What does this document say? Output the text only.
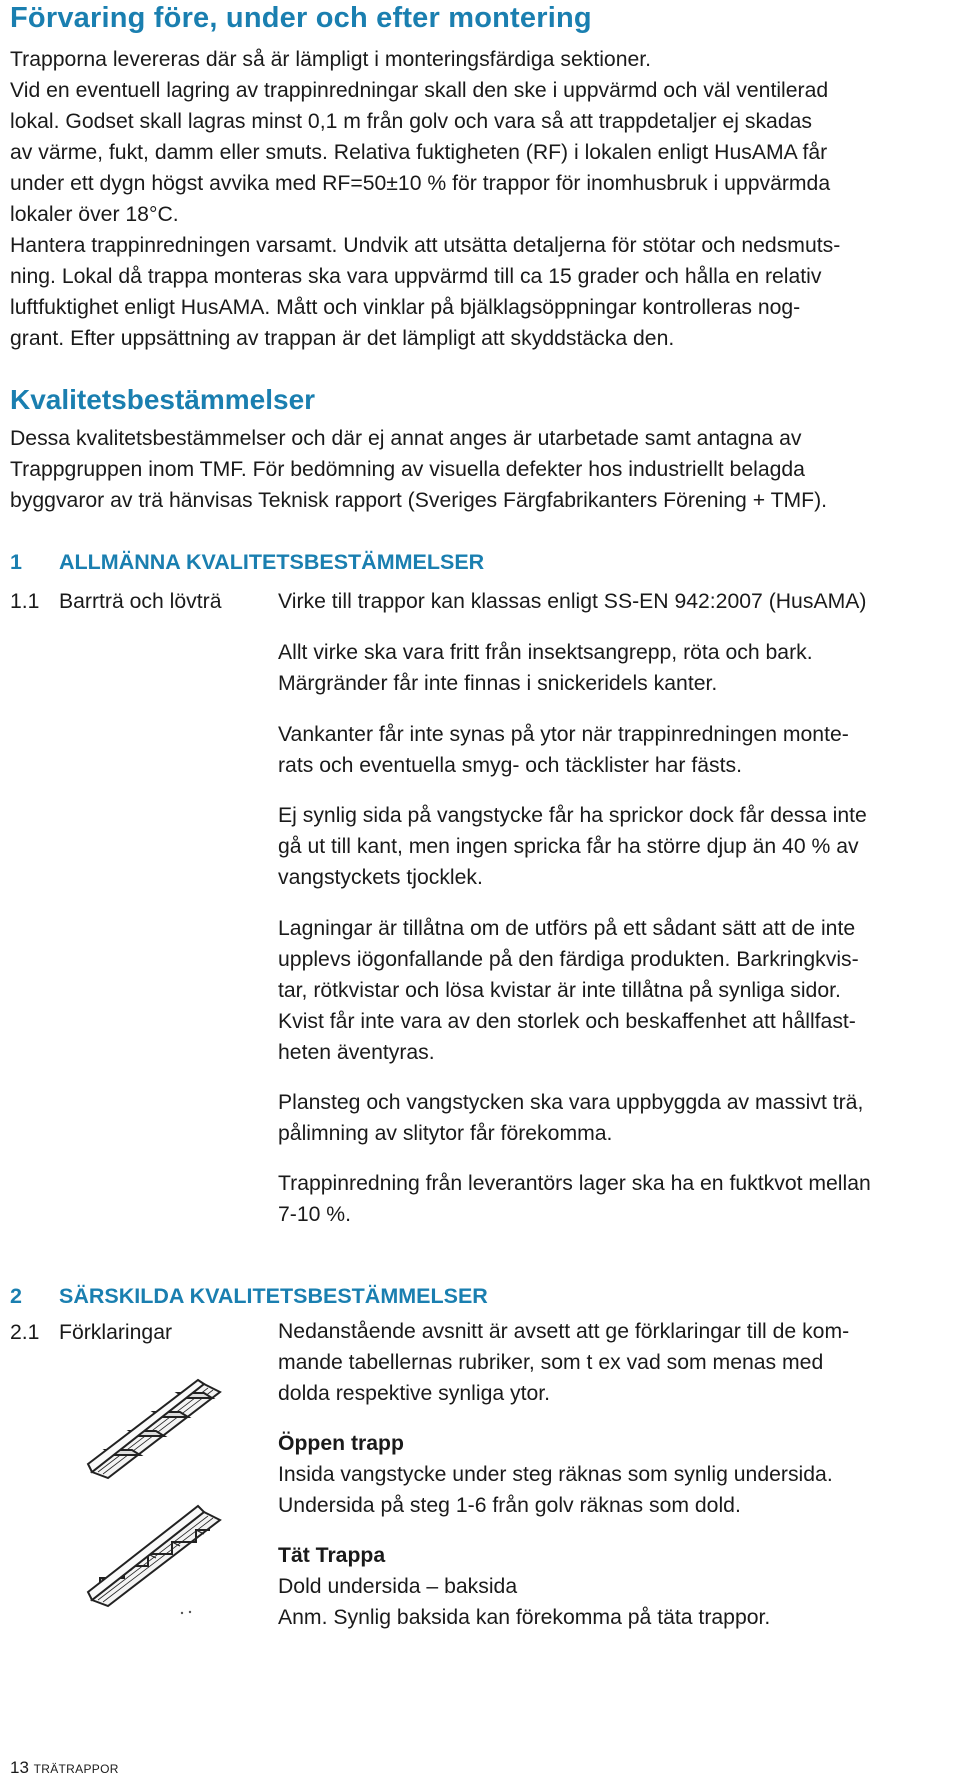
Förvaring före, under och efter montering

Trapporna levereras där så är lämpligt i monteringsfärdiga sektioner.
Vid en eventuell lagring av trappinredningar skall den ske i uppvärmd och väl ventilerad
lokal. Godset skall lagras minst 0,1 m från golv och vara så att trappdetaljer ej skadas
av värme, fukt, damm eller smuts. Relativa fuktigheten (RF) i lokalen enligt HusAMA får
under ett dygn högst avvika med RF=50±10 % för trappor för inomhusbruk i uppvärmda
lokaler över 18°C.
Hantera trappinredningen varsamt. Undvik att utsätta detaljerna för stötar och nedsmuts-
ning. Lokal då trappa monteras ska vara uppvärmd till ca 15 grader och hålla en relativ
luftfuktighet enligt HusAMA. Mått och vinklar på bjälklagsöppningar kontrolleras nog-
grant. Efter uppsättning av trappan är det lämpligt att skyddstäcka den.

Kvalitetsbestämmelser

Dessa kvalitetsbestämmelser och där ej annat anges är utarbetade samt antagna av
Trappgruppen inom TMF. För bedömning av visuella defekter hos industriellt belagda
byggvaror av trä hänvisas Teknisk rapport (Sveriges Färgfabrikanters Förening + TMF).

1 ALLMÄNNA KVALITETSBESTÄMMELSER
1.1 Barrträ och lövträ	Virke till trappor kan klassas enligt SS-EN 942:2007 (HusAMA)

Allt virke ska vara fritt från insektsangrepp, röta och bark.
Märgränder får inte finnas i snickeridels kanter.

Vankanter får inte synas på ytor när trappinredningen monte-
rats och eventuella smyg- och täcklister har fästs.

Ej synlig sida på vangstycke får ha sprickor dock får dessa inte
gå ut till kant, men ingen spricka får ha större djup än 40 % av
vangstyckets tjocklek.

Lagningar är tillåtna om de utförs på ett sådant sätt att de inte
upplevs iögonfallande på den färdiga produkten. Barkringkvis-
tar, rötkvistar och lösa kvistar är inte tillåtna på synliga sidor.
Kvist får inte vara av den storlek och beskaffenhet att hållfast-
heten äventyras.

Plansteg och vangstycken ska vara uppbyggda av massivt trä,
pålimning av slitytor får förekomma.

Trappinredning från leverantörs lager ska ha en fuktkvot mellan
7-10 %.

2 SÄRSKILDA KVALITETSBESTÄMMELSER
2.1 Förklaringar	Nedanstående avsnitt är avsett att ge förklaringar till de kom-
mande tabellernas rubriker, som t ex vad som menas med
dolda respektive synliga ytor.

Öppen trapp
Insida vangstycke under steg räknas som synlig undersida.
Undersida på steg 1-6 från golv räknas som dold.

Tät Trappa
Dold undersida – baksida
Anm. Synlig baksida kan förekomma på täta trappor.

13 TRÄTRAPPOR
